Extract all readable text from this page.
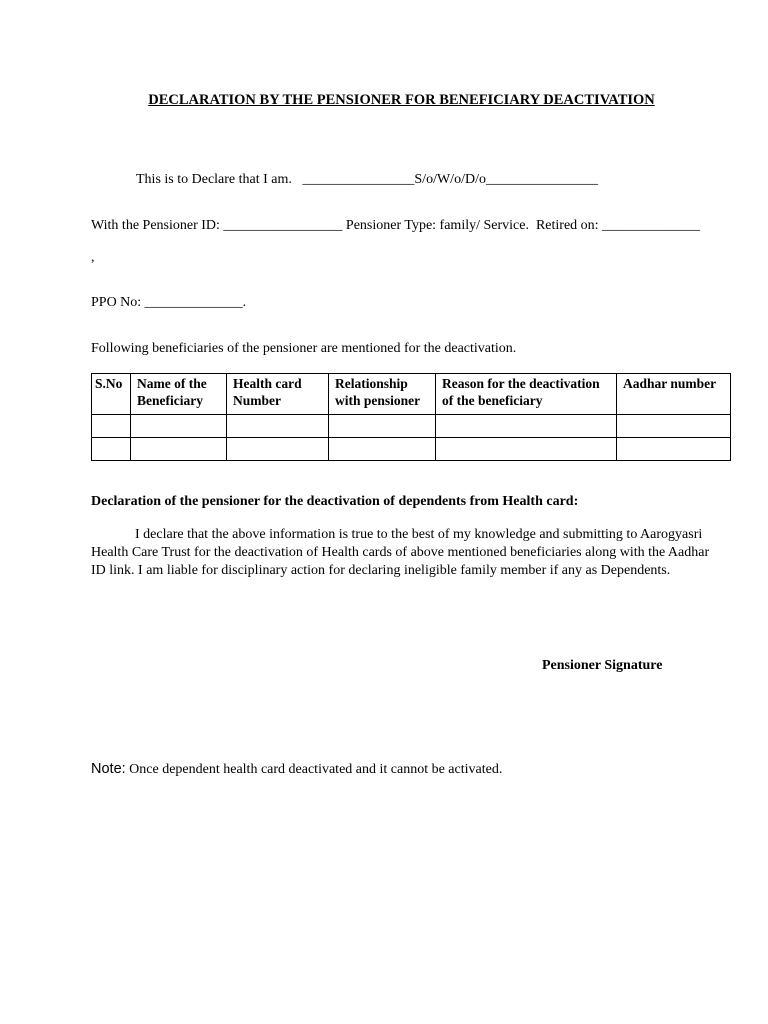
DECLARATION BY THE PENSIONER FOR BENEFICIARY DEACTIVATION
This is to Declare that I am.   ________________S/o/W/o/D/o________________
With the Pensioner ID: _________________ Pensioner Type: family/ Service.  Retired on: ______________
,
PPO No: ______________.
Following beneficiaries of the pensioner are mentioned for the deactivation.
S.No	Name of the Beneficiary	Health card Number	Relationship with pensioner	Reason for the deactivation of the beneficiary	Aadhar number

Declaration of the pensioner for the deactivation of dependents from Health card:
I declare that the above information is true to the best of my knowledge and submitting to Aarogyasri Health Care Trust for the deactivation of Health cards of above mentioned beneficiaries along with the Aadhar ID link. I am liable for disciplinary action for declaring ineligible family member if any as Dependents.
Pensioner Signature
Note: Once dependent health card deactivated and it cannot be activated.
